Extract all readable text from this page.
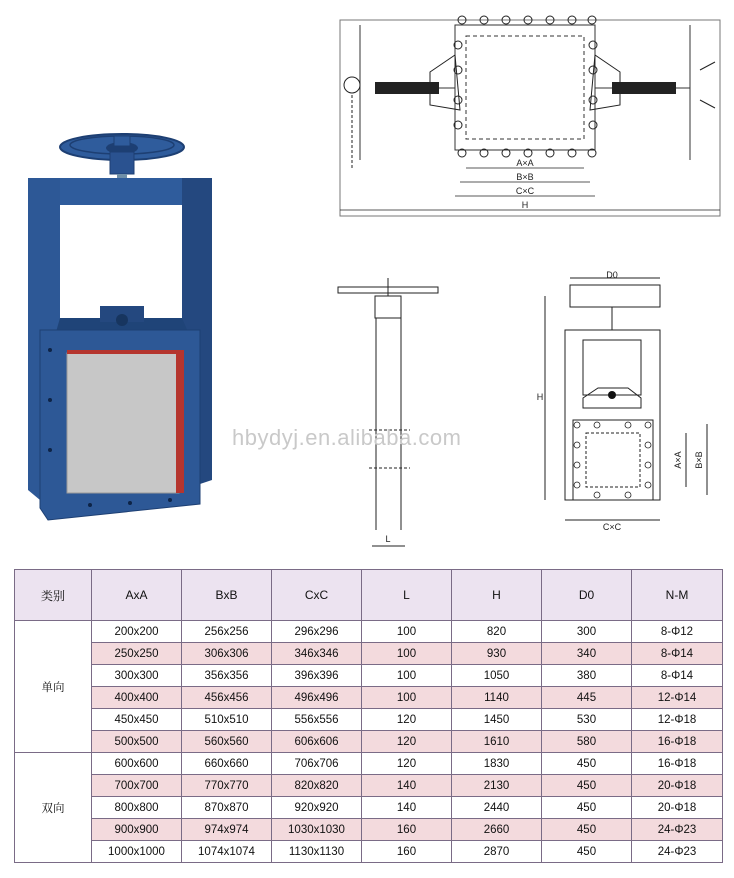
A×A
B×B
C×C
H
L
D0
H
A×A B×B
C×C
hbydyj.en.alibaba.com
类别	AxA	BxB	CxC	L	H	D0	N-M
单向	200x200	256x256	296x296	100	820	300	8-Φ12
	250x250	306x306	346x346	100	930	340	8-Φ14
	300x300	356x356	396x396	100	1050	380	8-Φ14
	400x400	456x456	496x496	100	1140	445	12-Φ14
	450x450	510x510	556x556	120	1450	530	12-Φ18
	500x500	560x560	606x606	120	1610	580	16-Φ18
双向	600x600	660x660	706x706	120	1830	450	16-Φ18
	700x700	770x770	820x820	140	2130	450	20-Φ18
	800x800	870x870	920x920	140	2440	450	20-Φ18
	900x900	974x974	1030x1030	160	2660	450	24-Φ23
	1000x1000	1074x1074	1130x1130	160	2870	450	24-Φ23
